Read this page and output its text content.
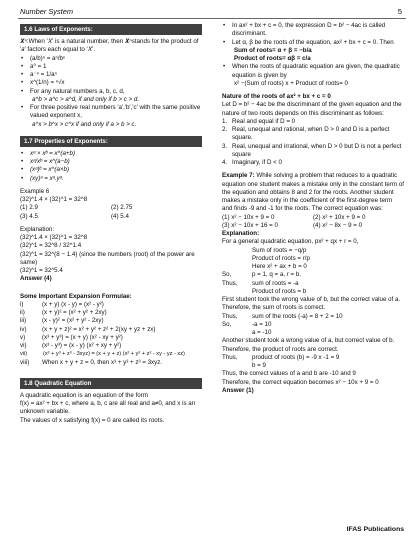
Number System	5
1.6 Laws of Exponents:
𝑿ⁿ:When ′𝑋′ is a natural number, then 𝑿ⁿstands for the product of ′𝑎′ factors each equal to ′𝑋′.
• (a/b)ⁿ = aⁿ/bⁿ
• a⁰ = 1
• a⁻ⁿ = 1/aⁿ
• x^(1/n) = ⁿ√x
• For any natural numbers a, b, c, d,
a^b > a^c > a^d, if and only if b > c > d.
• For three positive real numbers ′a′,′b′,′c′ with the same positive valued exponent x,
a^x > b^x > c^x if and only if a > b > c.
1.7 Properties of Exponents:
• xᵃ × xᵇ = x^(a+b)
• xᵃ/xᵇ = x^(a−b)
• (xᵃ)ᵇ = x^(a×b)
• (xy)ᵃ = xᵃ.yᵃ.
Example 6
(32)^1.4 × (32)^1 = 32^8
(1) 2.9	(2) 2.75
(3) 4.5	(4) 5.4
Explanation:
(32)^1.4 × (32)^1 = 32^8
(32)^1 = 32^8 / 32^1.4
(32)^1 = 32^(8 − 1.4) (since the numbers (root) of the power are same)
(32)^1 = 32^5.4
Answer (4)
Some Important Expansion Formulae:
i)	(x + y) (x - y) = (x² - y²)
ii)	(x + y)² = (x² + y² + 2xy)
iii)	(x - y)² = (x² + y² - 2xy)
iv) (x + y + z)² = x² + y² + z² + 2(xy + yz + zx)
v)	(x³ + y³) = (x + y) (x² - xy + y²)
vi) (x³ - y³) = (x - y) (x² + xy + y²)
vii)	(x³ + y³ + z³ - 3xyz) = (x + y + z) (x² + y² + z² - xy - yz - xz)
viii) When x + y + z = 0, then x³ + y³ + z³ = 3xyz.
1.8 Quadratic Equation
A quadratic equation is an equation of the form
f(x) = ax² + bx + c, where a, b, c are all real and a≠0, and x is an unknown variable.
The values of x satisfying f(x) = 0 are called its roots.
• In ax² + bx + c = 0, the expression D = b² − 4ac is called discriminant.
• Let α, β be the roots of the equation, ax² + bx + c = 0. Then
Sum of roots= α + β = −b/a
Product of roots= αβ = c/a
• When the roots of quadratic equation are given, the quadratic equation is given by
x² −(Sum of roots) x + Product of roots= 0
Nature of the roots of ax² + bx + c = 0
Let D = b² − 4ac be the discriminant of the given equation and the nature of two roots depends on this discriminant as follows:
1. Real and equal if D = 0
2. Real, unequal and rational, when D > 0 and D is a perfect square.
3. Real, unequal and irrational, when D > 0 but D is not a perfect square
4. Imaginary, if D < 0
Example 7: While solving a problem that reduces to a quadratic equation one student makes a mistake only in the constant term of the equation and obtains 8 and 2 for the roots. Another student makes a mistake only in the coefficient of the first-degree term and finds -9 and -1 for the roots. The correct equation was:
(1) x² − 10x + 9 = 0	(2) x² + 10x + 9 = 0
(3) x² − 10x + 16 = 0	(4) x² − 8x − 9 = 0
Explanation:
For a general quadratic equation, px² + qx + r = 0,
Sum of roots = −q/p
Product of roots = r/p
Here x² + ax + b = 0
So,	p = 1, q = a, r = b.
Thus,	sum of roots = -a
Product of roots = b
First student took the wrong value of b, but the correct value of a. Therefore, the sum of roots is correct.
Thus,	sum of the roots (-a) = 8 + 2 = 10
So,	-a = 10
a = -10
Another student took a wrong value of a, but correct value of b.
Therefore, the product of roots are correct.
Thus,	product of roots (b) = -9 x -1 = 9
b = 9
Thus, the correct values of a and b are -10 and 9
Therefore, the correct equation becomes x² − 10x + 9 = 0
Answer (1)
IFAS Publications
